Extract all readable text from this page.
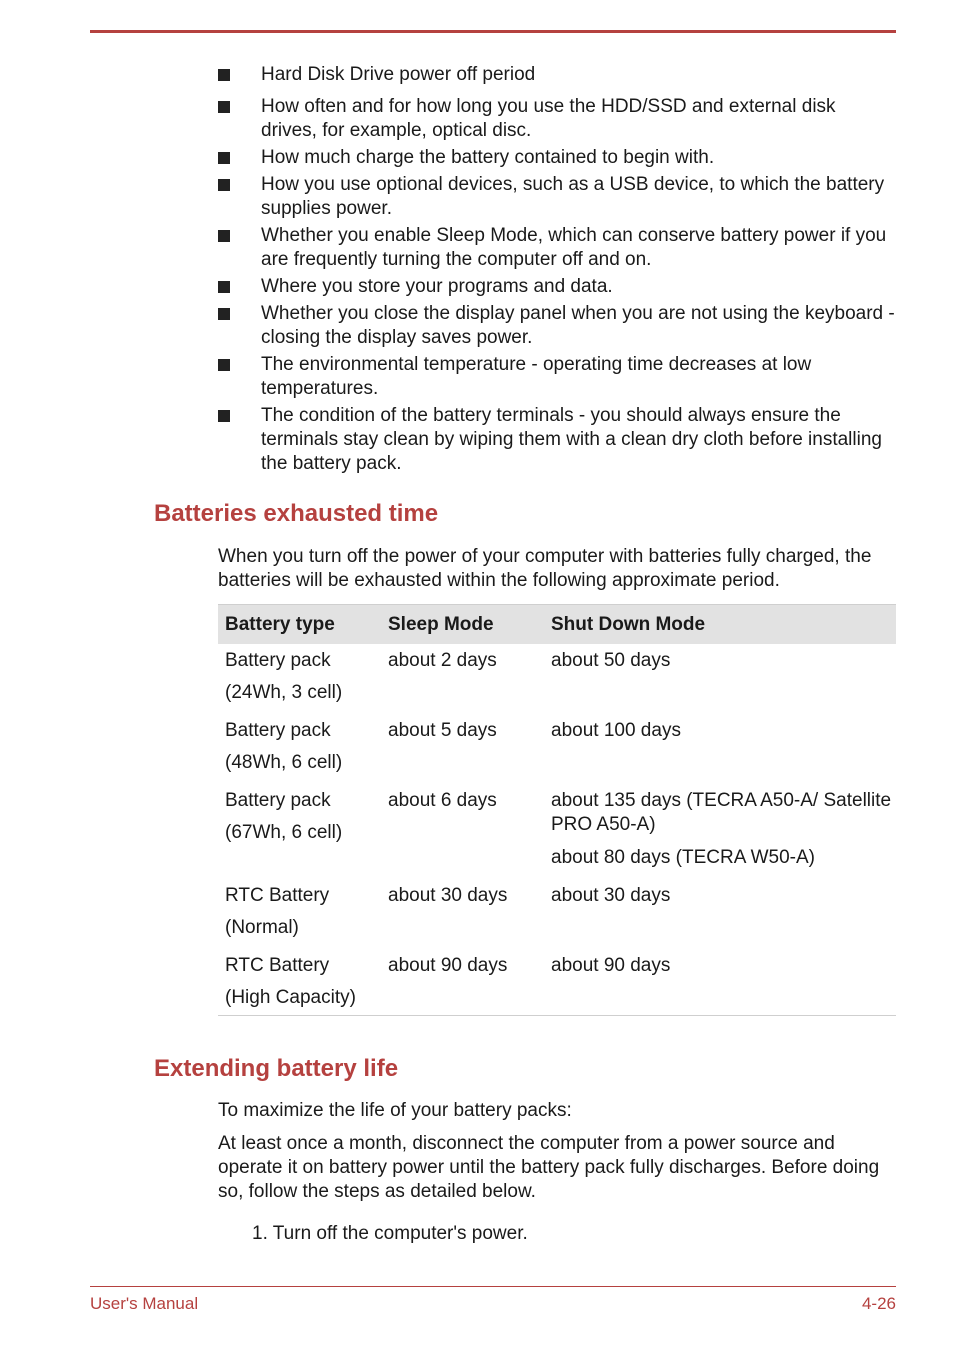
Hard Disk Drive power off period
How often and for how long you use the HDD/SSD and external disk drives, for example, optical disc.
How much charge the battery contained to begin with.
How you use optional devices, such as a USB device, to which the battery supplies power.
Whether you enable Sleep Mode, which can conserve battery power if you are frequently turning the computer off and on.
Where you store your programs and data.
Whether you close the display panel when you are not using the keyboard - closing the display saves power.
The environmental temperature - operating time decreases at low temperatures.
The condition of the battery terminals - you should always ensure the terminals stay clean by wiping them with a clean dry cloth before installing the battery pack.
Batteries exhausted time

When you turn off the power of your computer with batteries fully charged, the batteries will be exhausted within the following approximate period.

Battery type	Sleep Mode	Shut Down Mode
Battery pack
(24Wh, 3 cell)	about 2 days	about 50 days
Battery pack
(48Wh, 6 cell)	about 5 days	about 100 days
Battery pack
(67Wh, 6 cell)	about 6 days	about 135 days (TECRA A50-A/ Satellite PRO A50-A)
about 80 days (TECRA W50-A)

RTC Battery
(Normal)	about 30 days	about 30 days
RTC Battery
(High Capacity)	about 90 days	about 90 days
Extending battery life

To maximize the life of your battery packs:

At least once a month, disconnect the computer from a power source and operate it on battery power until the battery pack fully discharges. Before doing so, follow the steps as detailed below.

1. Turn off the computer's power.
User's Manual	4-26
